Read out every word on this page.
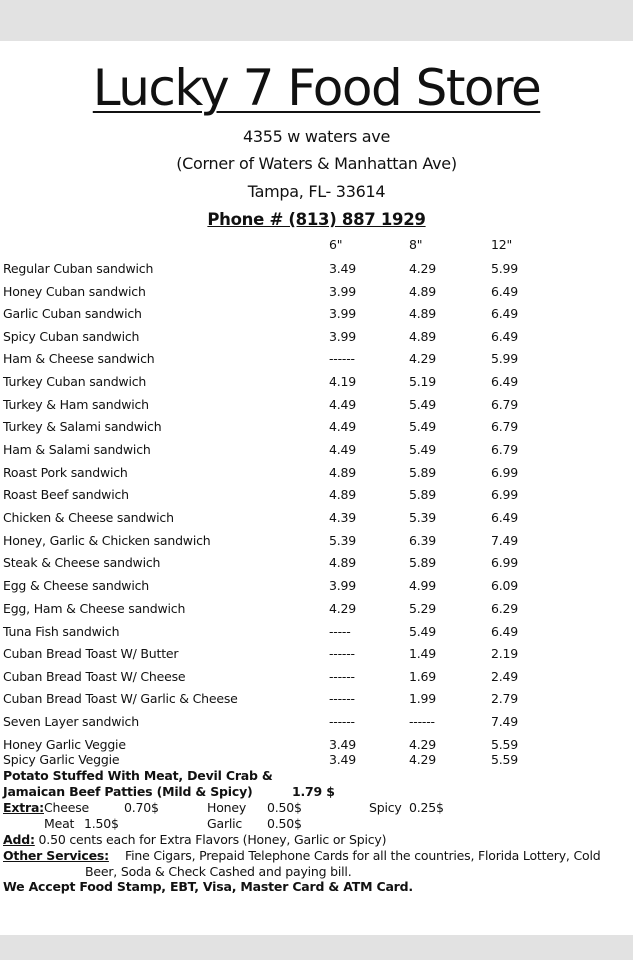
Lucky 7 Food Store
4355 w waters ave
(Corner of Waters & Manhattan Ave)
Tampa, FL- 33614
Phone # (813) 887 1929
6"	8"	12"
Regular Cuban sandwich	3.49	4.29	5.99
Honey Cuban sandwich	3.99	4.89	6.49
Garlic Cuban sandwich	3.99	4.89	6.49
Spicy Cuban sandwich	3.99	4.89	6.49
Ham & Cheese sandwich	------	4.29	5.99
Turkey Cuban sandwich	4.19	5.19	6.49
Turkey & Ham sandwich	4.49	5.49	6.79
Turkey & Salami sandwich	4.49	5.49	6.79
Ham & Salami sandwich	4.49	5.49	6.79
Roast Pork sandwich	4.89	5.89	6.99
Roast Beef sandwich	4.89	5.89	6.99
Chicken & Cheese sandwich	4.39	5.39	6.49
Honey, Garlic & Chicken sandwich	5.39	6.39	7.49
Steak & Cheese sandwich	4.89	5.89	6.99
Egg & Cheese sandwich	3.99	4.99	6.09
Egg, Ham & Cheese sandwich	4.29	5.29	6.29
Tuna Fish sandwich	-----	5.49	6.49
Cuban Bread Toast W/ Butter	------	1.49	2.19
Cuban Bread Toast W/ Cheese	------	1.69	2.49
Cuban Bread Toast W/ Garlic & Cheese	------	1.99	2.79
Seven Layer sandwich	------	------	7.49
Honey Garlic Veggie	3.49	4.29	5.59
Spicy Garlic Veggie	3.49	4.29	5.59
Potato Stuffed With Meat, Devil Crab &
Jamaican Beef Patties (Mild & Spicy)	1.79 $
Extra: Cheese	0.70$	Honey 0.50$	Spicy 0.25$
Meat 1.50$	Garlic 0.50$
Add: 0.50 cents each for Extra Flavors (Honey, Garlic or Spicy)
Other Services: Fine Cigars, Prepaid Telephone Cards for all the countries, Florida Lottery, Cold
Beer, Soda & Check Cashed and paying bill.
We Accept Food Stamp, EBT, Visa, Master Card & ATM Card.
